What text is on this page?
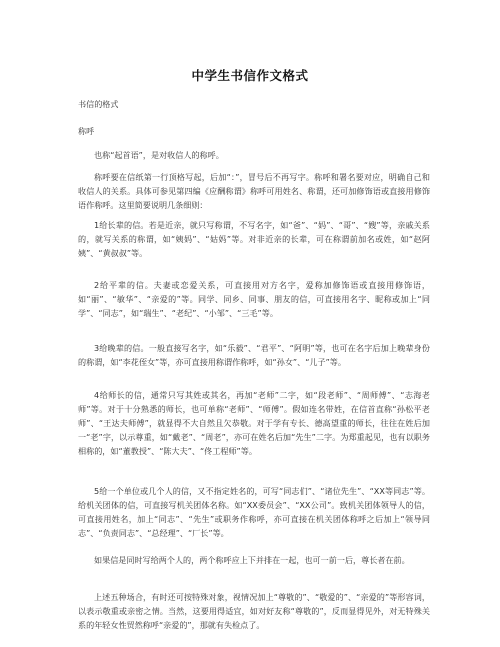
中学生书信作文格式

书信的格式

称呼

也称“起首语”，是对收信人的称呼。

称呼要在信纸第一行顶格写起，后加“：”，冒号后不再写字。称呼和署名要对应，明确自己和收信人的关系。具体可参见第四编《应酬称谓》称呼可用姓名、称谓，还可加修饰语或直接用修饰语作称呼。这里简要说明几条细则：

1给长辈的信。若是近亲，就只写称谓，不写名字，如“爸”、“妈”、“哥”、“嫂”等，亲戚关系的，就写关系的称谓，如“姨妈”、“姑妈”等。对非近亲的长辈，可在称谓前加名或姓，如“赵阿姨”、“黄叔叔”等。

2给平辈的信。夫妻或恋爱关系，可直接用对方名字，爱称加修饰语或直接用修饰语，如“丽”、“敏华”、“亲爱的”等。同学、同乡、同事、朋友的信，可直接用名字、昵称或加上“同学”、“同志”，如“瑞生”、“老纪”、“小邹”、“三毛”等。

3给晚辈的信。一般直接写名字，如“乐毅”、“君平”、“阿明”等，也可在名字后加上晚辈身份的称谓，如“李花侄女”等，亦可直接用称谓作称呼，如“孙女”、“儿子”等。

4给师长的信，通常只写其姓或其名，再加“老师”二字，如“段老师”、“周师傅”、“志海老师”等。对于十分熟悉的师长，也可单称“老师”、“师傅”。假如连名带姓，在信首直称“孙松平老师”、“王达夫师傅”，就显得不大自然且欠恭敬。对于学有专长、德高望重的师长，往往在姓后加一“老”字，以示尊重，如“戴老”、“周老”，亦可在姓名后加“先生”二字。为郑重起见，也有以职务相称的，如“董教授”、“陈大夫”、“佟工程师”等。

5给一个单位或几个人的信，又不指定姓名的，可写“同志们”、“诸位先生”、“XX等同志”等。给机关团体的信，可直接写机关团体名称。如“XX委员会”、“XX公司”。致机关团体领导人的信，可直接用姓名，加上“同志”、“先生”或职务作称呼，亦可直接在机关团体称呼之后加上“领导同志”、“负责同志”、“总经理”、“厂长”等。

如果信是同时写给两个人的，两个称呼应上下并排在一起，也可一前一后，尊长者在前。

上述五种场合，有时还可按特殊对象，视情况加上“尊敬的”、“敬爱的”、“亲爱的”等形容词，以表示敬重或亲密之情。当然，这要用得适宜，如对好友称“尊敬的”，反而显得见外，对无特殊关系的年轻女性贸然称呼“亲爱的”，那就有失检点了。
